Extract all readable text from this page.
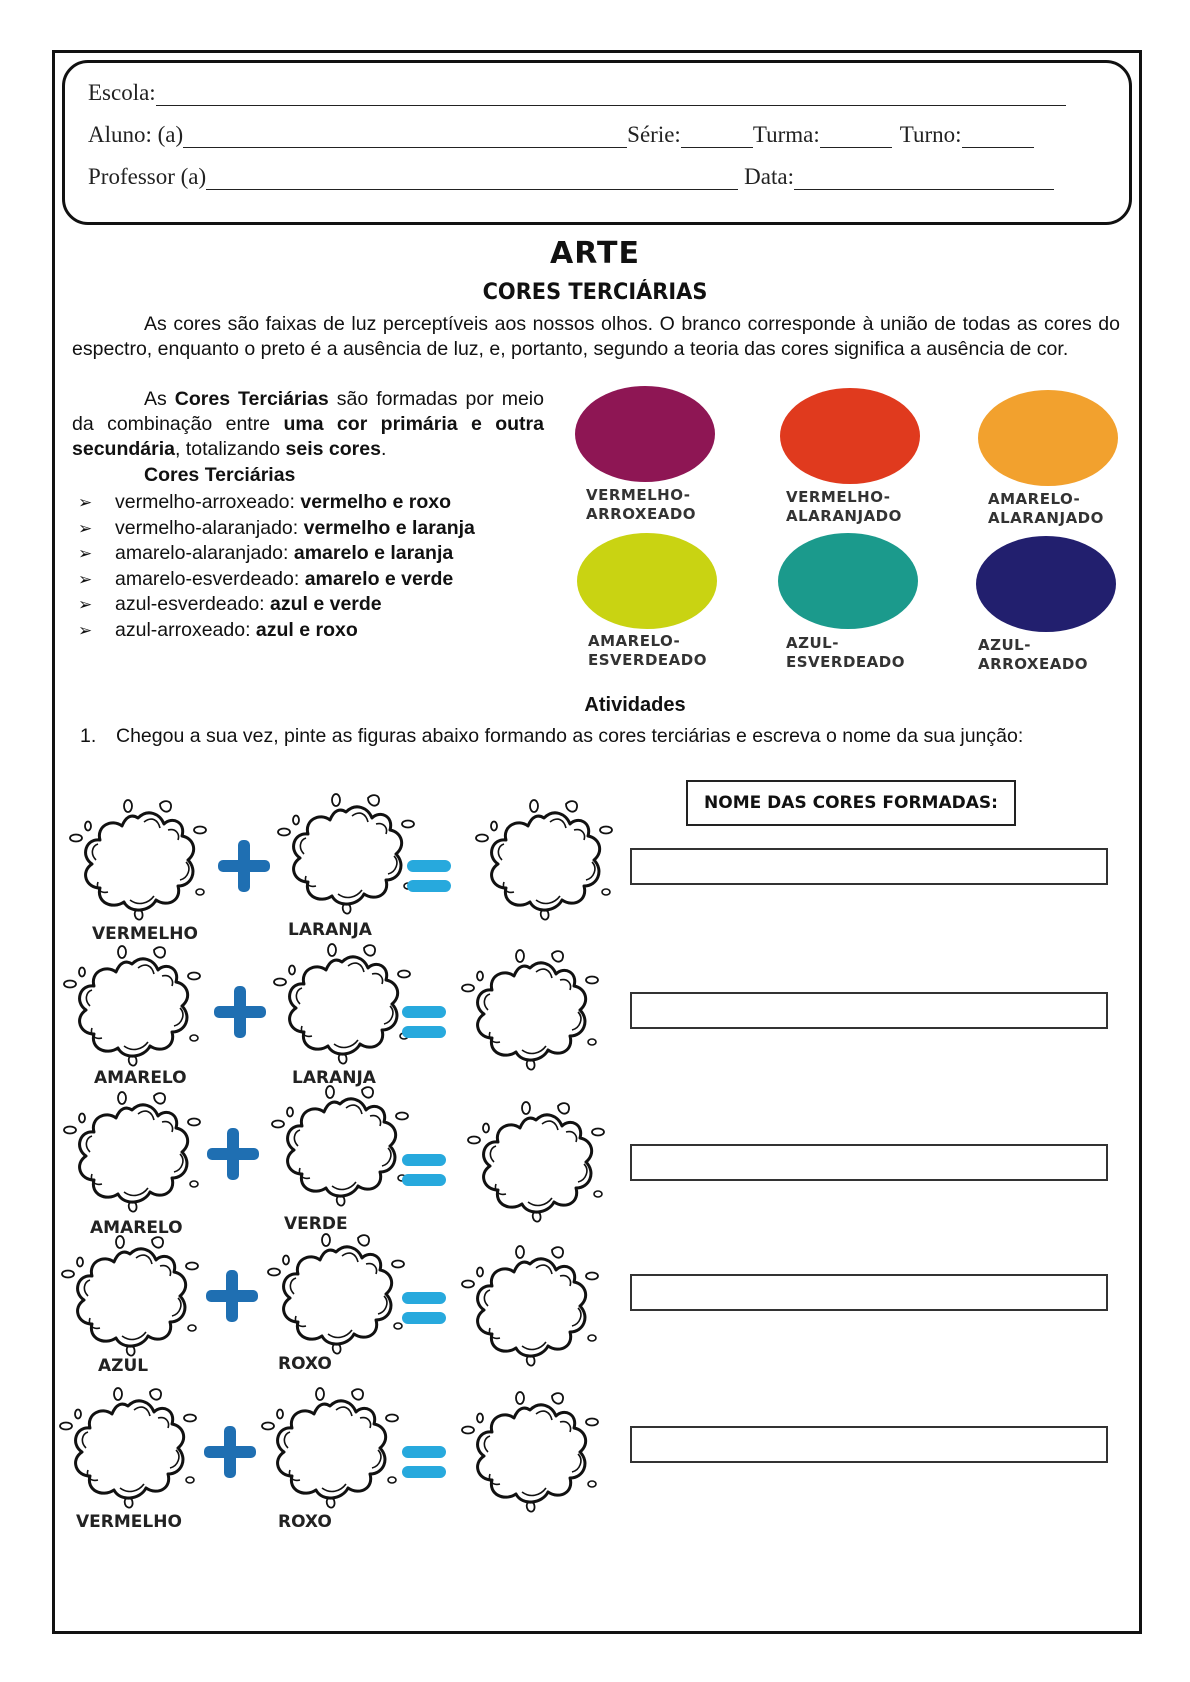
Escola:
Aluno: (a)	Série:	Turma:	Turno:
Professor (a)	Data:
ARTE
CORES TERCIÁRIAS

As cores são faixas de luz perceptíveis aos nossos olhos. O branco corresponde à união de todas as cores do espectro, enquanto o preto é a ausência de luz, e, portanto, segundo a teoria das cores significa a ausência de cor.

As Cores Terciárias são formadas por meio da combinação entre uma cor primária e outra secundária, totalizando seis cores.

Cores Terciárias
➢ vermelho-arroxeado: vermelho e roxo
➢ vermelho-alaranjado: vermelho e laranja
➢ amarelo-alaranjado: amarelo e laranja
➢ amarelo-esverdeado: amarelo e verde
➢ azul-esverdeado: azul e verde
➢ azul-arroxeado: azul e roxo
VERMELHO-
ARROXEADO
VERMELHO-
ALARANJADO
AMARELO-
ALARANJADO
AMARELO-
ESVERDEADO
AZUL-
ESVERDEADO
AZUL-
ARROXEADO
Atividades
1. Chegou a sua vez, pinte as figuras abaixo formando as cores terciárias e escreva o nome da sua junção:
NOME DAS CORES FORMADAS:
VERMELHO	LARANJA
AMARELO	LARANJA
AMARELO	VERDE
AZUL	ROXO
VERMELHO	ROXO
